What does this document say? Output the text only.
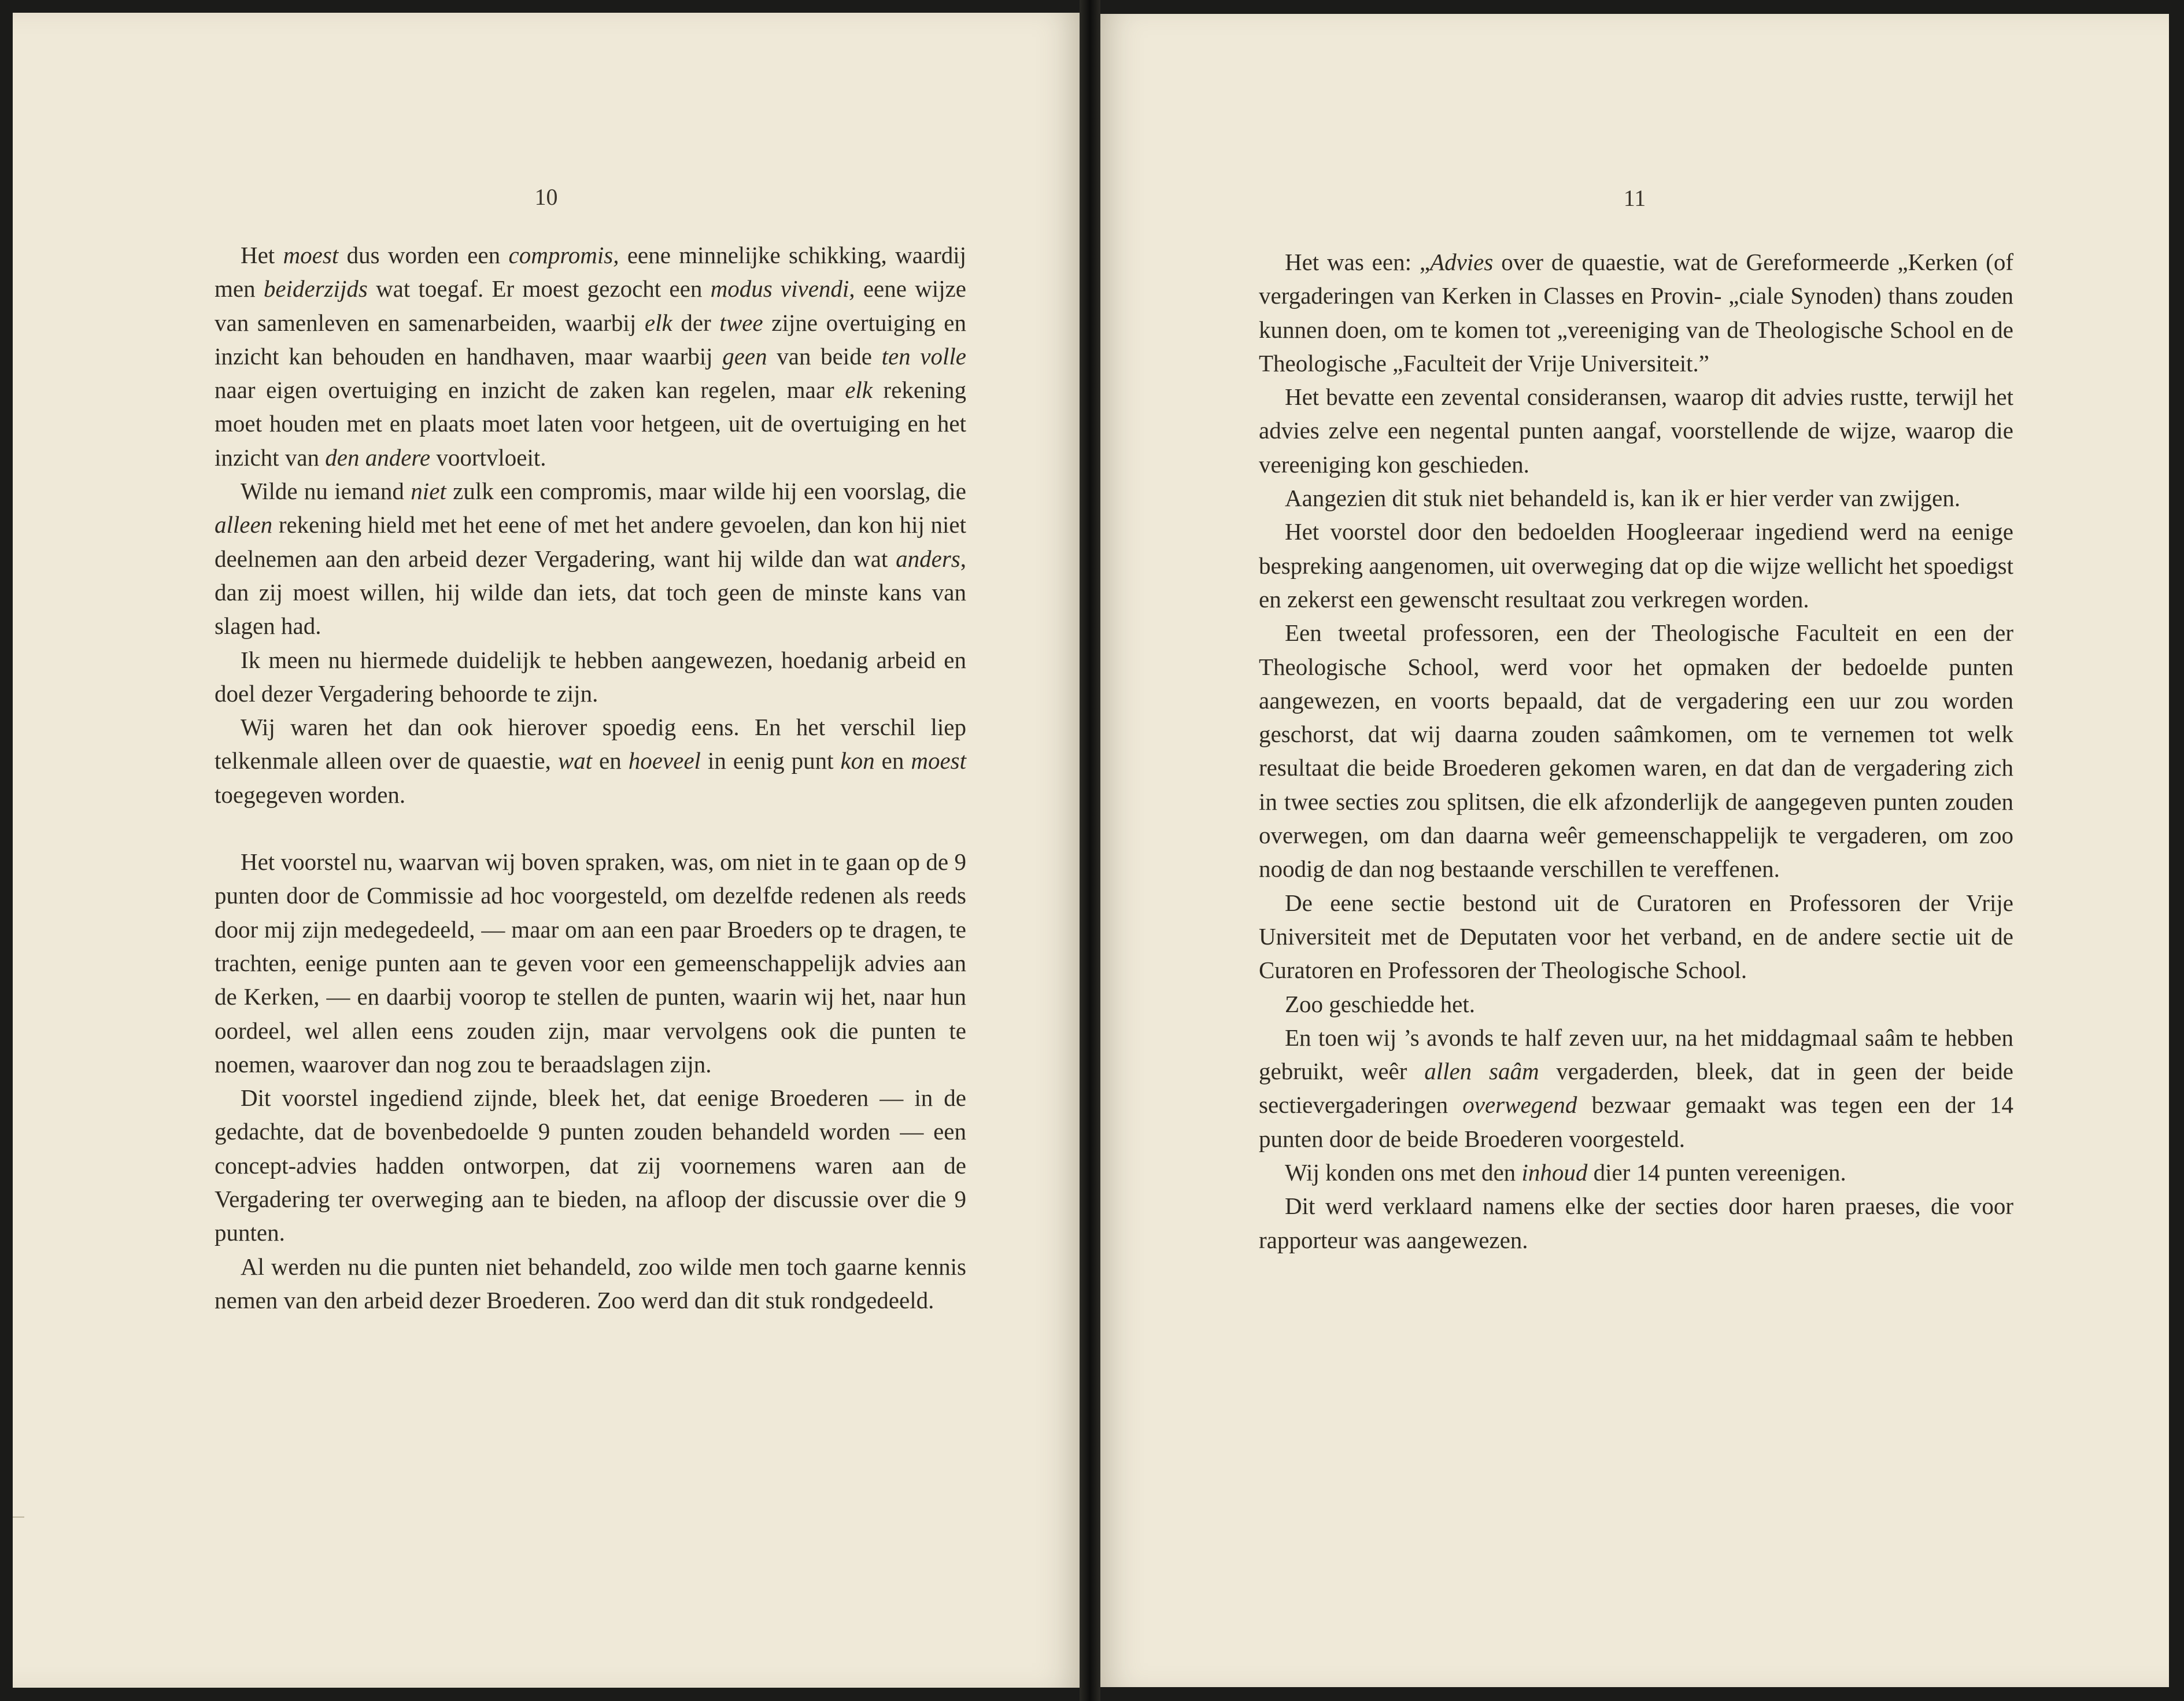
10

Het moest dus worden een compromis, eene minnelijke schikking, waardij men beiderzijds wat toegaf. Er moest gezocht een modus vivendi, eene wijze van samenleven en samenarbeiden, waarbij elk der twee zijne overtuiging en inzicht kan behouden en handhaven, maar waarbij geen van beide ten volle naar eigen overtuiging en inzicht de zaken kan regelen, maar elk rekening moet houden met en plaats moet laten voor hetgeen, uit de overtuiging en het inzicht van den andere voortvloeit.

Wilde nu iemand niet zulk een compromis, maar wilde hij een voorslag, die alleen rekening hield met het eene of met het andere gevoelen, dan kon hij niet deelnemen aan den arbeid dezer Vergadering, want hij wilde dan wat anders, dan zij moest willen, hij wilde dan iets, dat toch geen de minste kans van slagen had.

Ik meen nu hiermede duidelijk te hebben aangewezen, hoedanig arbeid en doel dezer Vergadering behoorde te zijn.

Wij waren het dan ook hierover spoedig eens. En het verschil liep telkenmale alleen over de quaestie, wat en hoeveel in eenig punt kon en moest toegegeven worden.

Het voorstel nu, waarvan wij boven spraken, was, om niet in te gaan op de 9 punten door de Commissie ad hoc voorgesteld, om dezelfde redenen als reeds door mij zijn medegedeeld, — maar om aan een paar Broeders op te dragen, te trachten, eenige punten aan te geven voor een gemeenschappelijk advies aan de Kerken, — en daarbij voorop te stellen de punten, waarin wij het, naar hun oordeel, wel allen eens zouden zijn, maar vervolgens ook die punten te noemen, waarover dan nog zou te beraadslagen zijn.

Dit voorstel ingediend zijnde, bleek het, dat eenige Broederen — in de gedachte, dat de bovenbedoelde 9 punten zouden behandeld worden — een concept-advies hadden ontworpen, dat zij voornemens waren aan de Vergadering ter overweging aan te bieden, na afloop der discussie over die 9 punten.

Al werden nu die punten niet behandeld, zoo wilde men toch gaarne kennis nemen van den arbeid dezer Broederen. Zoo werd dan dit stuk rondgedeeld.

11

Het was een: „Advies over de quaestie, wat de Gereformeerde „Kerken (of vergaderingen van Kerken in Classes en Provin- „ciale Synoden) thans zouden kunnen doen, om te komen tot „vereeniging van de Theologische School en de Theologische „Faculteit der Vrije Universiteit.”

Het bevatte een zevental consideransen, waarop dit advies rustte, terwijl het advies zelve een negental punten aangaf, voorstellende de wijze, waarop die vereeniging kon geschieden.

Aangezien dit stuk niet behandeld is, kan ik er hier verder van zwijgen.

Het voorstel door den bedoelden Hoogleeraar ingediend werd na eenige bespreking aangenomen, uit overweging dat op die wijze wellicht het spoedigst en zekerst een gewenscht resultaat zou verkregen worden.

Een tweetal professoren, een der Theologische Faculteit en een der Theologische School, werd voor het opmaken der bedoelde punten aangewezen, en voorts bepaald, dat de vergadering een uur zou worden geschorst, dat wij daarna zouden saâmkomen, om te vernemen tot welk resultaat die beide Broederen gekomen waren, en dat dan de vergadering zich in twee secties zou splitsen, die elk afzonderlijk de aangegeven punten zouden overwegen, om dan daarna weêr gemeenschappelijk te vergaderen, om zoo noodig de dan nog bestaande verschillen te vereffenen.

De eene sectie bestond uit de Curatoren en Professoren der Vrije Universiteit met de Deputaten voor het verband, en de andere sectie uit de Curatoren en Professoren der Theologische School.

Zoo geschiedde het.

En toen wij ’s avonds te half zeven uur, na het middagmaal saâm te hebben gebruikt, weêr allen saâm vergaderden, bleek, dat in geen der beide sectievergaderingen overwegend bezwaar gemaakt was tegen een der 14 punten door de beide Broederen voorgesteld.

Wij konden ons met den inhoud dier 14 punten vereenigen.

Dit werd verklaard namens elke der secties door haren praeses, die voor rapporteur was aangewezen.
